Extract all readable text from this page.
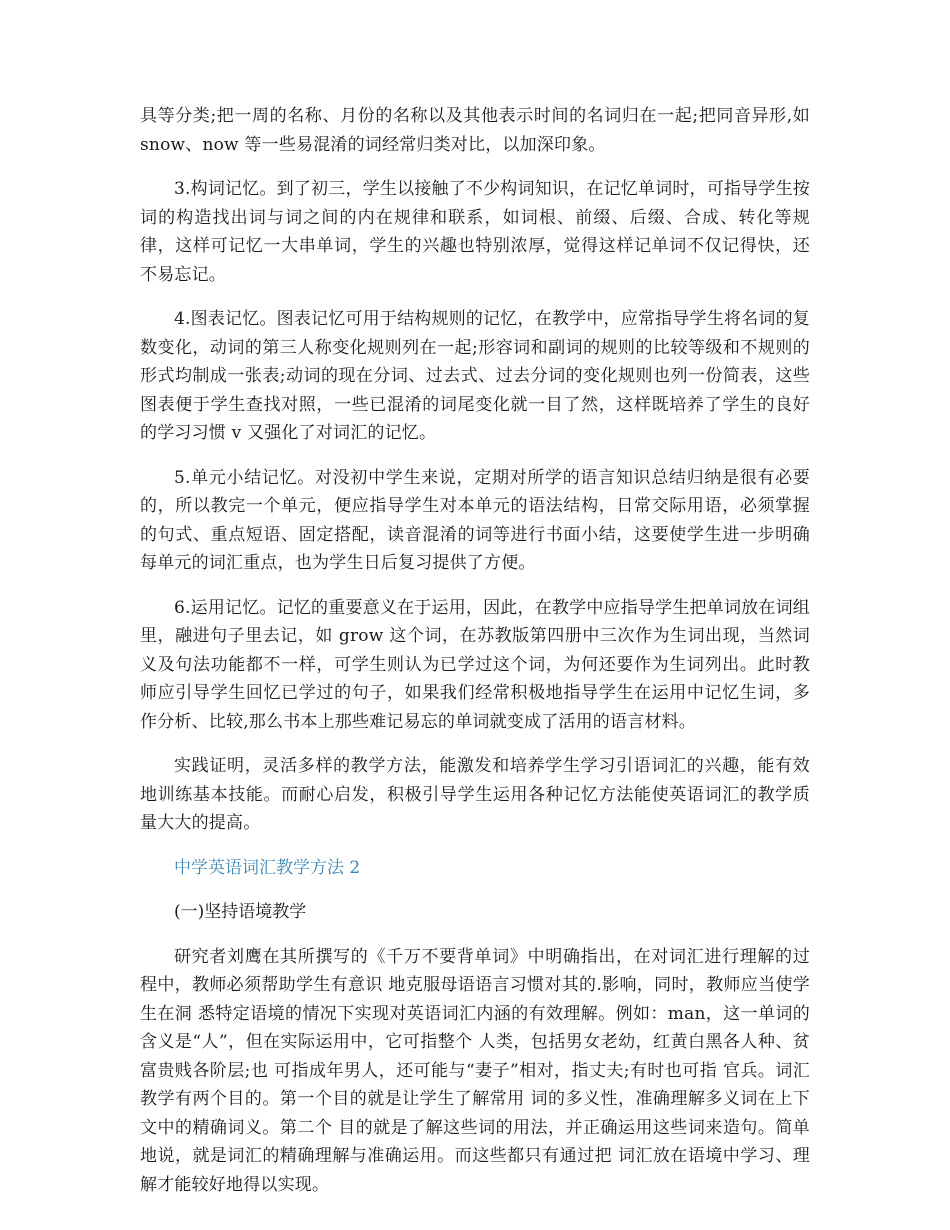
具等分类;把一周的名称、月份的名称以及其他表示时间的名词归在一起;把同音异形,如 snow、now 等一些易混淆的词经常归类对比，以加深印象。

3.构词记忆。到了初三，学生以接触了不少构词知识，在记忆单词时，可指导学生按词的构造找出词与词之间的内在规律和联系，如词根、前缀、后缀、合成、转化等规律，这样可记忆一大串单词，学生的兴趣也特别浓厚，觉得这样记单词不仅记得快，还不易忘记。

4.图表记忆。图表记忆可用于结构规则的记忆，在教学中，应常指导学生将名词的复数变化，动词的第三人称变化规则列在一起;形容词和副词的规则的比较等级和不规则的形式均制成一张表;动词的现在分词、过去式、过去分词的变化规则也列一份简表，这些图表便于学生查找对照，一些已混淆的词尾变化就一目了然，这样既培养了学生的良好的学习习惯 v 又强化了对词汇的记忆。

5.单元小结记忆。对没初中学生来说，定期对所学的语言知识总结归纳是很有必要的，所以教完一个单元，便应指导学生对本单元的语法结构，日常交际用语，必须掌握的句式、重点短语、固定搭配，读音混淆的词等进行书面小结，这要使学生进一步明确每单元的词汇重点，也为学生日后复习提供了方便。

6.运用记忆。记忆的重要意义在于运用，因此，在教学中应指导学生把单词放在词组里，融进句子里去记，如 grow 这个词，在苏教版第四册中三次作为生词出现，当然词义及句法功能都不一样，可学生则认为已学过这个词，为何还要作为生词列出。此时教师应引导学生回忆已学过的句子，如果我们经常积极地指导学生在运用中记忆生词，多作分析、比较,那么书本上那些难记易忘的单词就变成了活用的语言材料。

实践证明，灵活多样的教学方法，能激发和培养学生学习引语词汇的兴趣，能有效地训练基本技能。而耐心启发，积极引导学生运用各种记忆方法能使英语词汇的教学质量大大的提高。

中学英语词汇教学方法 2

(一)坚持语境教学

研究者刘鹰在其所撰写的《千万不要背单词》中明确指出，在对词汇进行理解的过程中，教师必须帮助学生有意识 地克服母语语言习惯对其的.影响，同时，教师应当使学生在洞 悉特定语境的情况下实现对英语词汇内涵的有效理解。例如：man，这一单词的含义是“人”，但在实际运用中，它可指整个 人类，包括男女老幼，红黄白黑各人种、贫富贵贱各阶层;也 可指成年男人，还可能与“妻子”相对，指丈夫;有时也可指 官兵。词汇教学有两个目的。第一个目的就是让学生了解常用 词的多义性，准确理解多义词在上下文中的精确词义。第二个 目的就是了解这些词的用法，并正确运用这些词来造句。简单 地说，就是词汇的精确理解与准确运用。而这些都只有通过把 词汇放在语境中学习、理解才能较好地得以实现。
